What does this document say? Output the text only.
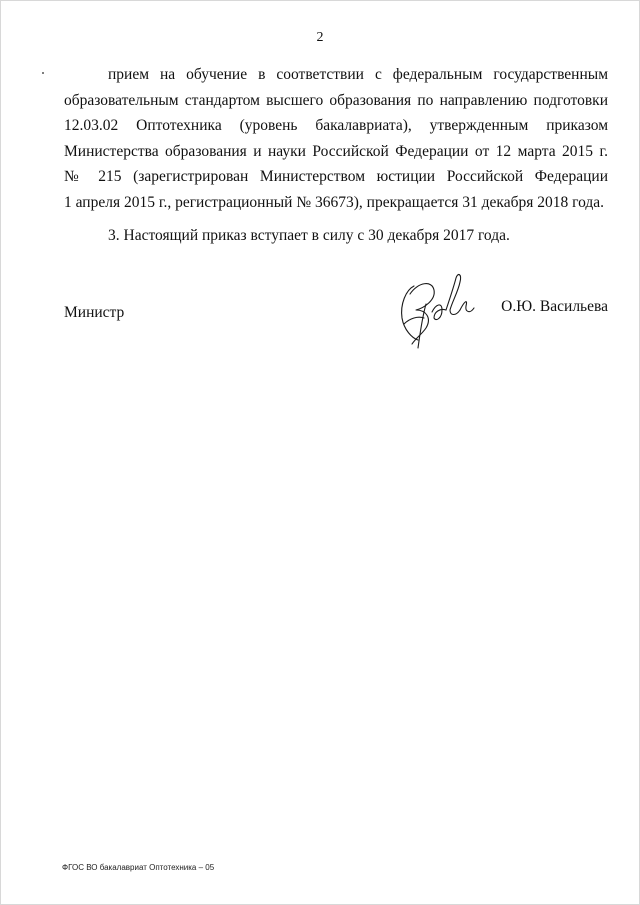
2
прием на обучение в соответствии с федеральным государственным
образовательным стандартом высшего образования по направлению подготовки
12.03.02 Оптотехника (уровень бакалавриата), утвержденным приказом
Министерства образования и науки Российской Федерации от 12 марта 2015 г.
№ 215 (зарегистрирован Министерством юстиции Российской Федерации
1 апреля 2015 г., регистрационный № 36673), прекращается 31 декабря 2018 года.
3. Настоящий приказ вступает в силу с 30 декабря 2017 года.
Министр	О.Ю. Васильева
ФГОС ВО бакалавриат Оптотехника – 05
